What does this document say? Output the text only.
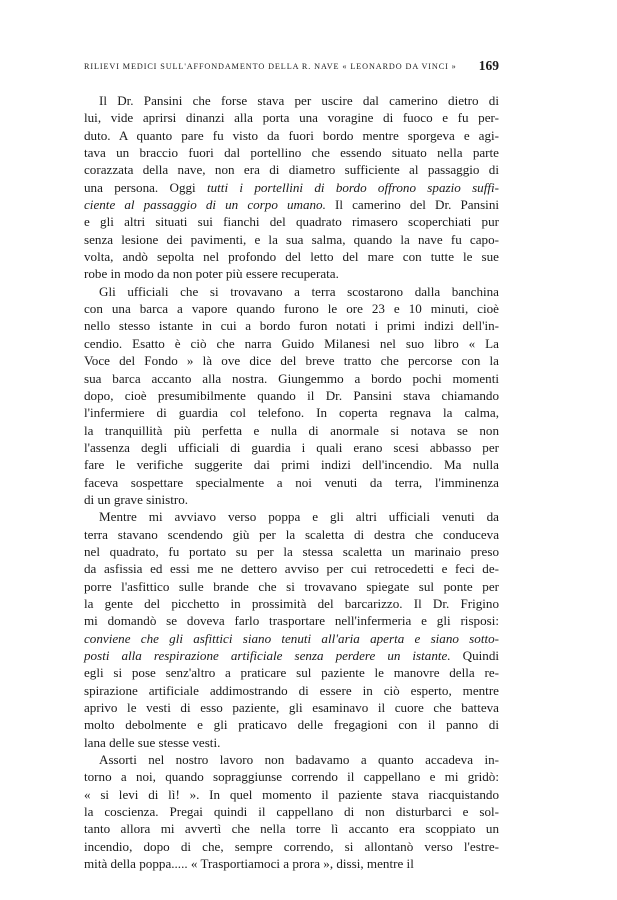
RILIEVI MEDICI SULL'AFFONDAMENTO DELLA R. NAVE « LEONARDO DA VINCI »	169
Il Dr. Pansini che forse stava per uscire dal camerino dietro di
lui, vide aprirsi dinanzi alla porta una voragine di fuoco e fu per-
duto. A quanto pare fu visto da fuori bordo mentre sporgeva e agi-
tava un braccio fuori dal portellino che essendo situato nella parte
corazzata della nave, non era di diametro sufficiente al passaggio di
una persona. Oggi tutti i portellini di bordo offrono spazio suffi-
ciente al passaggio di un corpo umano. Il camerino del Dr. Pansini
e gli altri situati sui fianchi del quadrato rimasero scoperchiati pur
senza lesione dei pavimenti, e la sua salma, quando la nave fu capo-
volta, andò sepolta nel profondo del letto del mare con tutte le sue
robe in modo da non poter più essere recuperata.
Gli ufficiali che si trovavano a terra scostarono dalla banchina
con una barca a vapore quando furono le ore 23 e 10 minuti, cioè
nello stesso istante in cui a bordo furon notati i primi indizi dell'in-
cendio. Esatto è ciò che narra Guido Milanesi nel suo libro « La
Voce del Fondo » là ove dice del breve tratto che percorse con la
sua barca accanto alla nostra. Giungemmo a bordo pochi momenti
dopo, cioè presumibilmente quando il Dr. Pansini stava chiamando
l'infermiere di guardia col telefono. In coperta regnava la calma,
la tranquillità più perfetta e nulla di anormale si notava se non
l'assenza degli ufficiali di guardia i quali erano scesi abbasso per
fare le verifiche suggerite dai primi indizi dell'incendio. Ma nulla
faceva sospettare specialmente a noi venuti da terra, l'imminenza
di un grave sinistro.
Mentre mi avviavo verso poppa e gli altri ufficiali venuti da
terra stavano scendendo giù per la scaletta di destra che conduceva
nel quadrato, fu portato su per la stessa scaletta un marinaio preso
da asfissia ed essi me ne dettero avviso per cui retrocedetti e feci de-
porre l'asfittico sulle brande che si trovavano spiegate sul ponte per
la gente del picchetto in prossimità del barcarizzo. Il Dr. Frigino
mi domandò se doveva farlo trasportare nell'infermeria e gli risposi:
conviene che gli asfittici siano tenuti all'aria aperta e siano sotto-
posti alla respirazione artificiale senza perdere un istante. Quindi
egli si pose senz'altro a praticare sul paziente le manovre della re-
spirazione artificiale addimostrando di essere in ciò esperto, mentre
aprivo le vesti di esso paziente, gli esaminavo il cuore che batteva
molto debolmente e gli praticavo delle fregagioni con il panno di
lana delle sue stesse vesti.
Assorti nel nostro lavoro non badavamo a quanto accadeva in-
torno a noi, quando sopraggiunse correndo il cappellano e mi gridò:
« si levi di lì! ». In quel momento il paziente stava riacquistando
la coscienza. Pregai quindi il cappellano di non disturbarci e sol-
tanto allora mi avvertì che nella torre lì accanto era scoppiato un
incendio, dopo di che, sempre correndo, si allontanò verso l'estre-
mità della poppa..... « Trasportiamoci a prora », dissi, mentre il
